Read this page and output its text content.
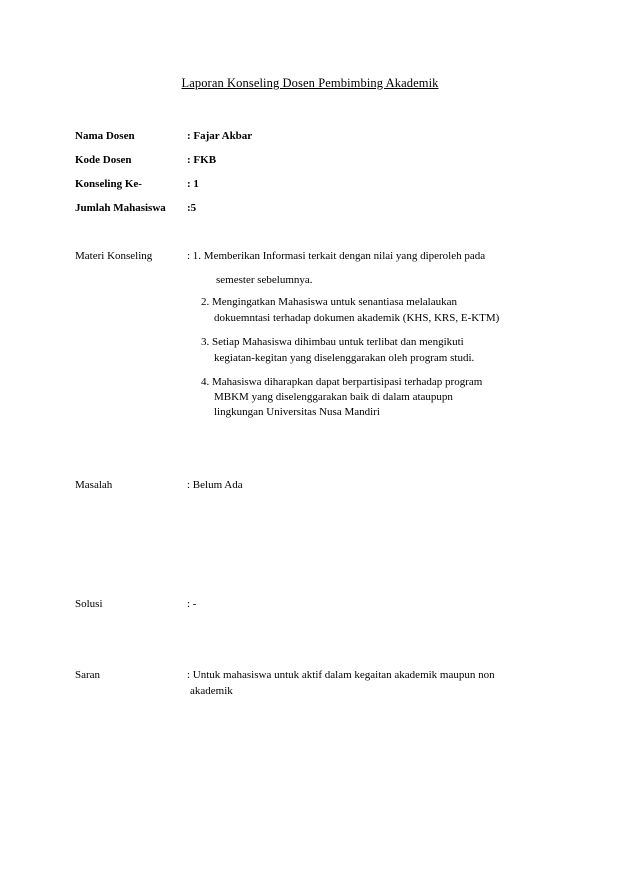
Laporan Konseling Dosen Pembimbing Akademik
Nama Dosen	: Fajar Akbar
Kode Dosen	: FKB
Konseling Ke-	: 1
Jumlah Mahasiswa :5
Materi Konseling	: 1. Memberikan Informasi terkait dengan nilai yang diperoleh pada
semester sebelumnya.
2. Mengingatkan Mahasiswa untuk senantiasa melalaukan
dokuemntasi terhadap dokumen akademik (KHS, KRS, E-KTM)
3. Setiap Mahasiswa dihimbau untuk terlibat dan mengikuti
kegiatan-kegitan yang diselenggarakan oleh program studi.
4. Mahasiswa diharapkan dapat berpartisipasi terhadap program
MBKM yang diselenggarakan baik di dalam ataupupn
lingkungan Universitas Nusa Mandiri
Masalah	: Belum Ada
Solusi	: -
Saran	: Untuk mahasiswa untuk aktif dalam kegaitan akademik maupun non
akademik
